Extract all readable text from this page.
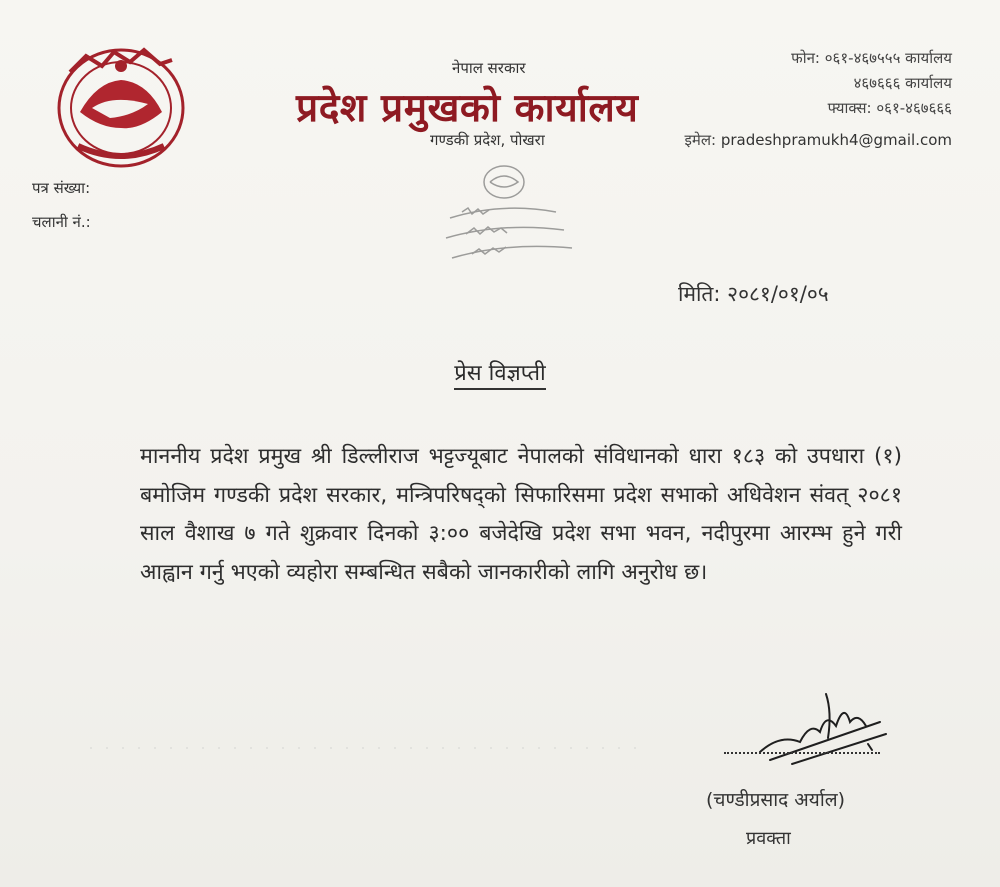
पत्र संख्या:
चलानी नं.:
नेपाल सरकार
प्रदेश प्रमुखको कार्यालय
गण्डकी प्रदेश, पोखरा
फोन: ०६१-४६७५५५ कार्यालय
४६७६६६ कार्यालय
फ्याक्स: ०६१-४६७६६६
इमेल: pradeshpramukh4@gmail.com
मिति: २०८१/०१/०५
प्रेस विज्ञप्ती
माननीय प्रदेश प्रमुख श्री डिल्लीराज भट्टज्यूबाट नेपालको संविधानको धारा १८३ को उपधारा (१) बमोजिम गण्डकी प्रदेश सरकार, मन्त्रिपरिषद्को सिफारिसमा प्रदेश सभाको अधिवेशन संवत् २०८१ साल वैशाख ७ गते शुक्रवार दिनको ३:०० बजेदेखि प्रदेश सभा भवन, नदीपुरमा आरम्भ हुने गरी आह्वान गर्नु भएको व्यहोरा सम्बन्धित सबैको जानकारीको लागि अनुरोध छ।
(चण्डीप्रसाद अर्याल)
प्रवक्ता
